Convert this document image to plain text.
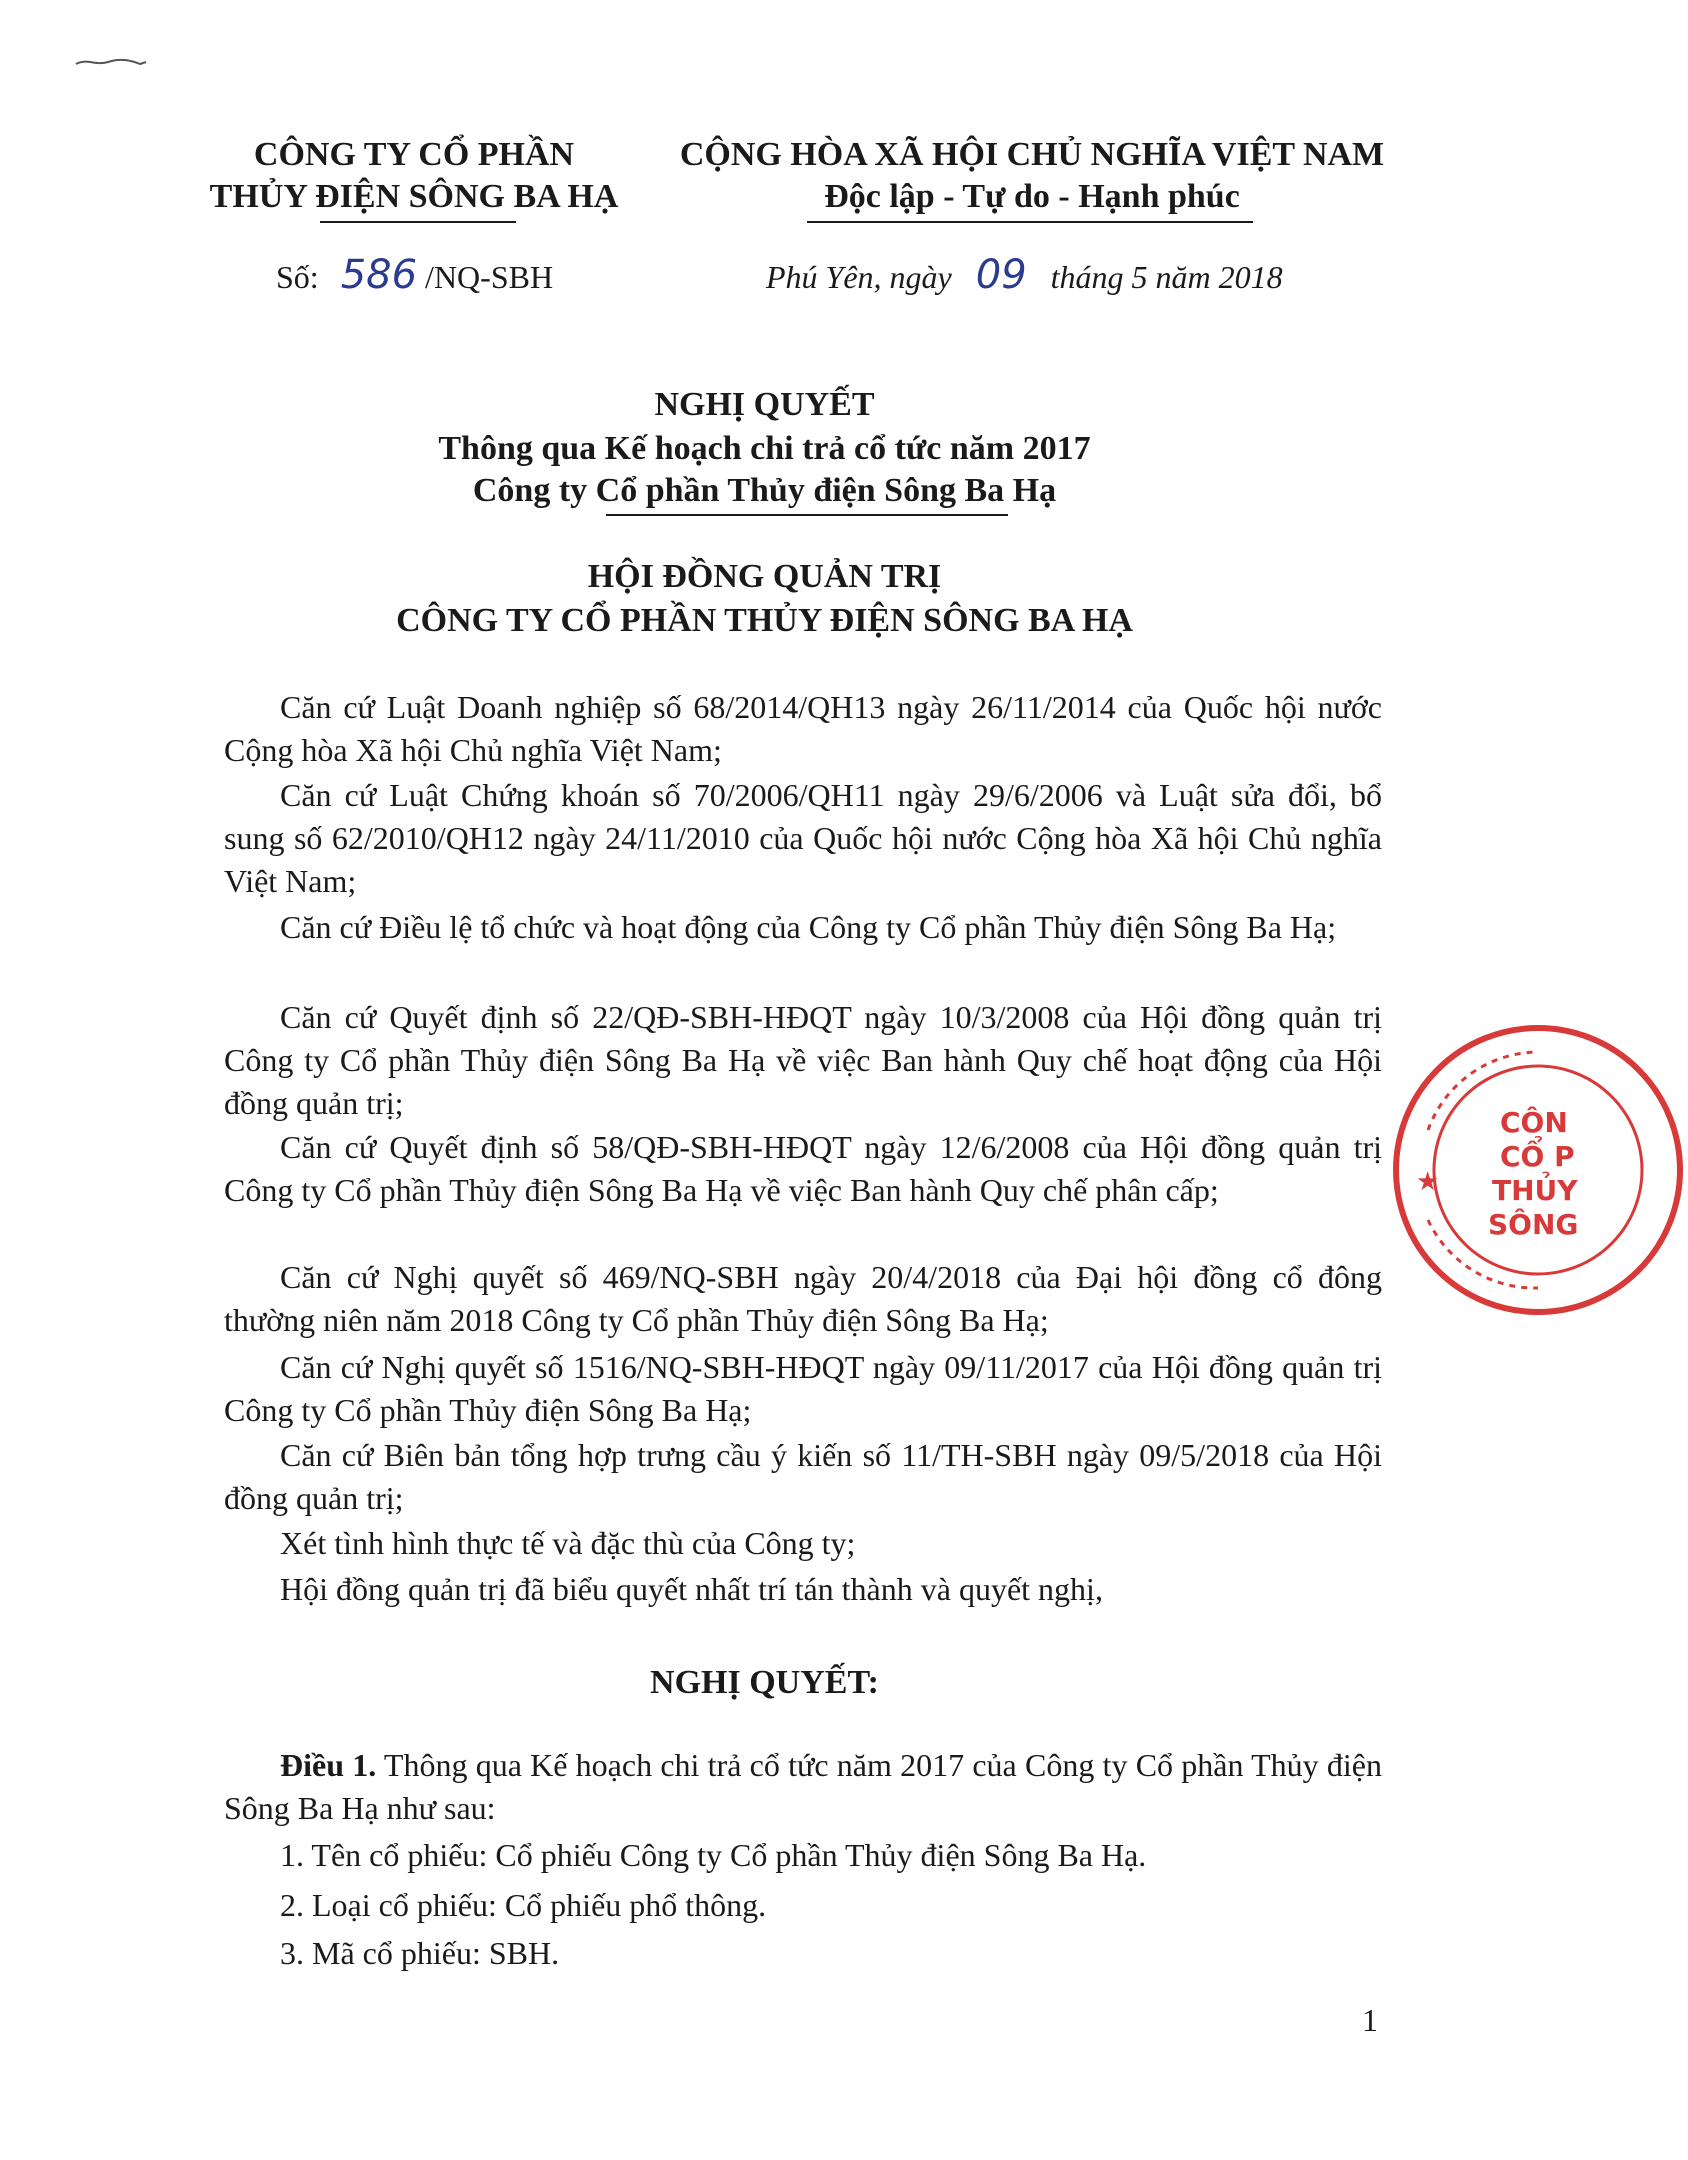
CÔNG TY CỔ PHẦN
THỦY ĐIỆN SÔNG BA HẠ
Số: 586 /NQ-SBH
CỘNG HÒA XÃ HỘI CHỦ NGHĨA VIỆT NAM
Độc lập - Tự do - Hạnh phúc
Phú Yên, ngày 09 tháng 5 năm 2018
NGHỊ QUYẾT
Thông qua Kế hoạch chi trả cổ tức năm 2017
Công ty Cổ phần Thủy điện Sông Ba Hạ
HỘI ĐỒNG QUẢN TRỊ
CÔNG TY CỔ PHẦN THỦY ĐIỆN SÔNG BA HẠ
Căn cứ Luật Doanh nghiệp số 68/2014/QH13 ngày 26/11/2014 của Quốc hội nước Cộng hòa Xã hội Chủ nghĩa Việt Nam;
Căn cứ Luật Chứng khoán số 70/2006/QH11 ngày 29/6/2006 và Luật sửa đổi, bổ sung số 62/2010/QH12 ngày 24/11/2010 của Quốc hội nước Cộng hòa Xã hội Chủ nghĩa Việt Nam;
Căn cứ Điều lệ tổ chức và hoạt động của Công ty Cổ phần Thủy điện Sông Ba Hạ;
Căn cứ Quyết định số 22/QĐ-SBH-HĐQT ngày 10/3/2008 của Hội đồng quản trị Công ty Cổ phần Thủy điện Sông Ba Hạ về việc Ban hành Quy chế hoạt động của Hội đồng quản trị;
Căn cứ Quyết định số 58/QĐ-SBH-HĐQT ngày 12/6/2008 của Hội đồng quản trị Công ty Cổ phần Thủy điện Sông Ba Hạ về việc Ban hành Quy chế phân cấp;
Căn cứ Nghị quyết số 469/NQ-SBH ngày 20/4/2018 của Đại hội đồng cổ đông thường niên năm 2018 Công ty Cổ phần Thủy điện Sông Ba Hạ;
Căn cứ Nghị quyết số 1516/NQ-SBH-HĐQT ngày 09/11/2017 của Hội đồng quản trị Công ty Cổ phần Thủy điện Sông Ba Hạ;
Căn cứ Biên bản tổng hợp trưng cầu ý kiến số 11/TH-SBH ngày 09/5/2018 của Hội đồng quản trị;
Xét tình hình thực tế và đặc thù của Công ty;
Hội đồng quản trị đã biểu quyết nhất trí tán thành và quyết nghị,
NGHỊ QUYẾT:
Điều 1. Thông qua Kế hoạch chi trả cổ tức năm 2017 của Công ty Cổ phần Thủy điện Sông Ba Hạ như sau:
1. Tên cổ phiếu: Cổ phiếu Công ty Cổ phần Thủy điện Sông Ba Hạ.
2. Loại cổ phiếu: Cổ phiếu phổ thông.
3. Mã cổ phiếu: SBH.
1
★
CÔN
CỔ P
THỦY
SÔNG
